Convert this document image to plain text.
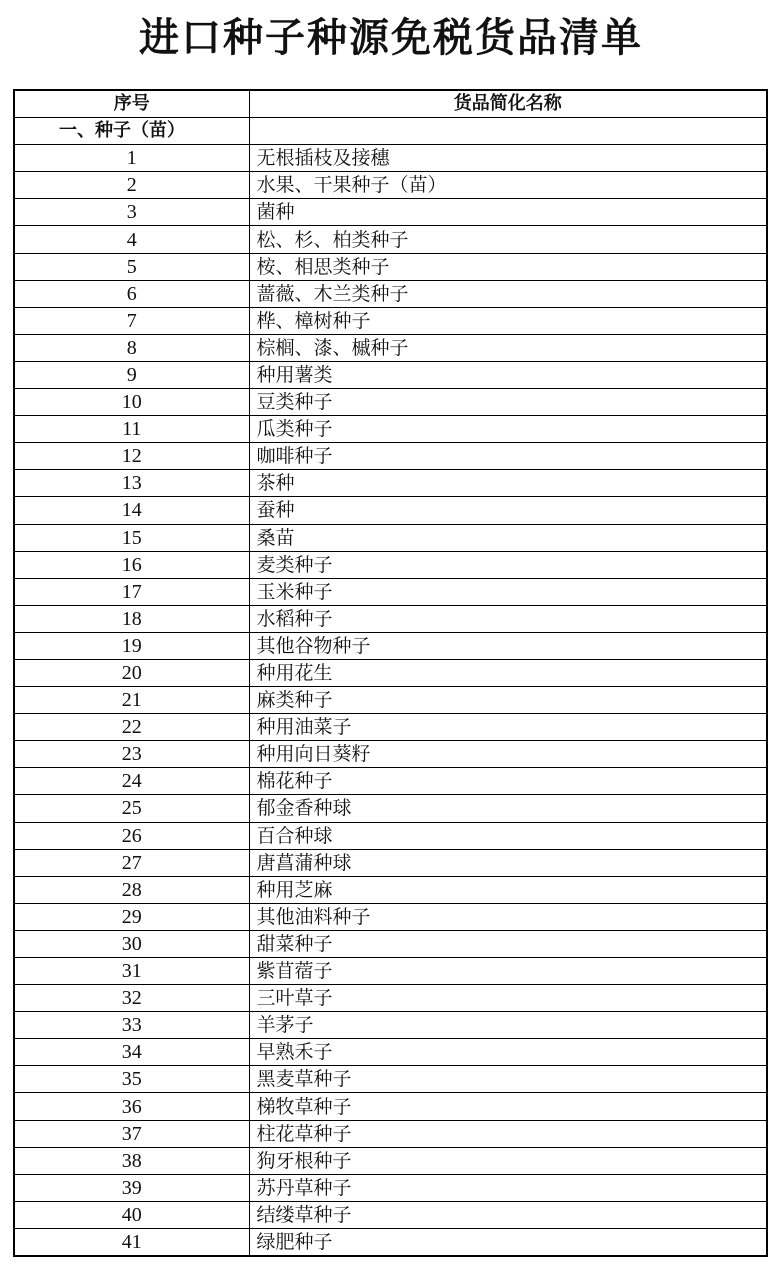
进口种子种源免税货品清单
序号	货品简化名称
一、种子（苗）	
1	无根插枝及接穗
2	水果、干果种子（苗）
3	菌种
4	松、杉、柏类种子
5	桉、相思类种子
6	蔷薇、木兰类种子
7	桦、樟树种子
8	棕榈、漆、槭种子
9	种用薯类
10	豆类种子
11	瓜类种子
12	咖啡种子
13	茶种
14	蚕种
15	桑苗
16	麦类种子
17	玉米种子
18	水稻种子
19	其他谷物种子
20	种用花生
21	麻类种子
22	种用油菜子
23	种用向日葵籽
24	棉花种子
25	郁金香种球
26	百合种球
27	唐菖蒲种球
28	种用芝麻
29	其他油料种子
30	甜菜种子
31	紫苜蓿子
32	三叶草子
33	羊茅子
34	早熟禾子
35	黑麦草种子
36	梯牧草种子
37	柱花草种子
38	狗牙根种子
39	苏丹草种子
40	结缕草种子
41	绿肥种子
